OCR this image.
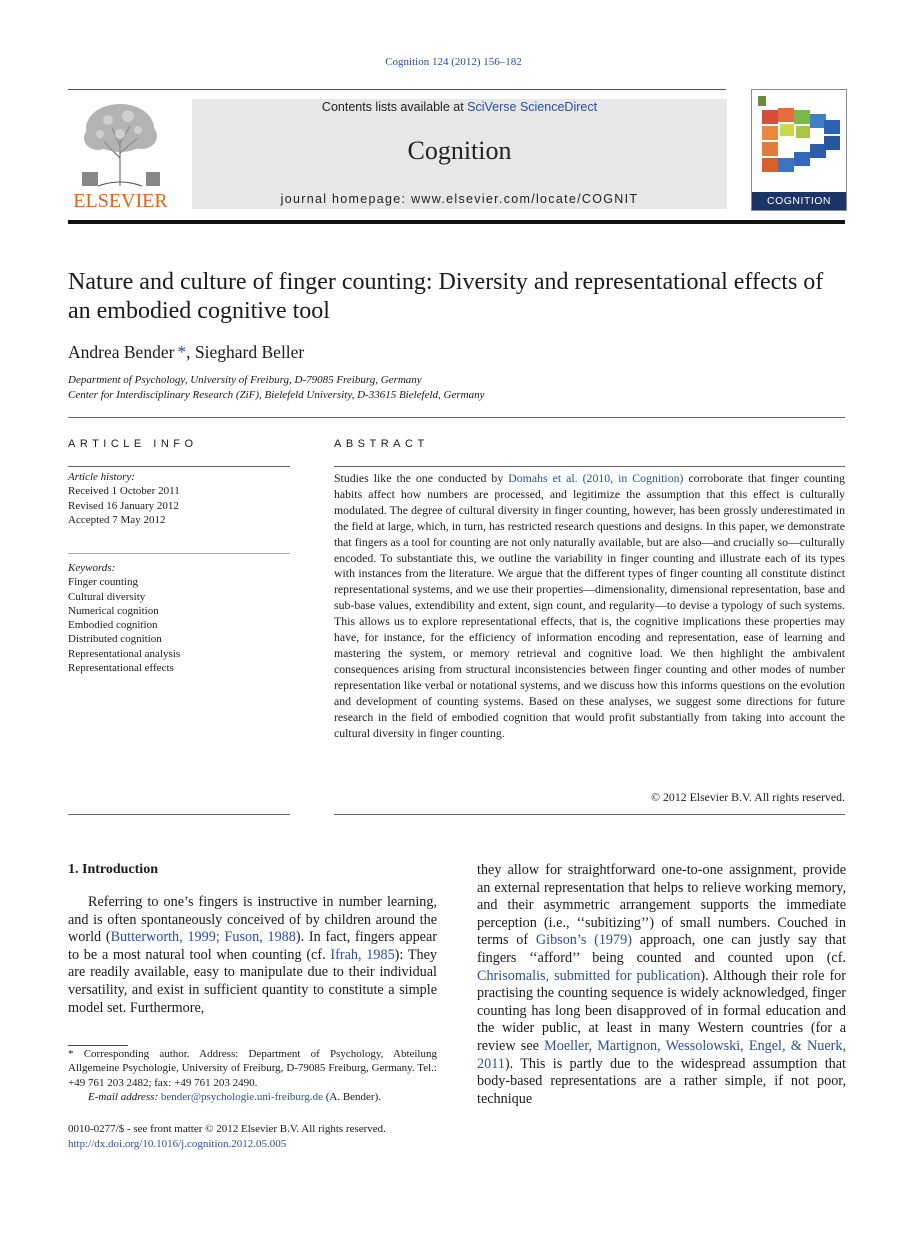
Cognition 124 (2012) 156–182
ELSEVIER
Contents lists available at SciVerse ScienceDirect
Cognition
journal homepage: www.elsevier.com/locate/COGNIT	COGNITION
Nature and culture of finger counting: Diversity and representational effects of an embodied cognitive tool
Andrea Bender *, Sieghard Beller
Department of Psychology, University of Freiburg, D-79085 Freiburg, Germany
Center for Interdisciplinary Research (ZiF), Bielefeld University, D-33615 Bielefeld, Germany
ARTICLE INFO	ABSTRACT
Article history:
Received 1 October 2011
Revised 16 January 2012
Accepted 7 May 2012
Keywords:
Finger counting
Cultural diversity
Numerical cognition
Embodied cognition
Distributed cognition
Representational analysis
Representational effects
Studies like the one conducted by Domahs et al. (2010, in Cognition) corroborate that finger counting habits affect how numbers are processed, and legitimize the assumption that this effect is culturally modulated. The degree of cultural diversity in finger counting, however, has been grossly underestimated in the field at large, which, in turn, has restricted research questions and designs. In this paper, we demonstrate that fingers as a tool for counting are not only naturally available, but are also—and crucially so—culturally encoded. To substantiate this, we outline the variability in finger counting and illustrate each of its types with instances from the literature. We argue that the different types of finger counting all constitute distinct representational systems, and we use their properties—dimensionality, dimensional representation, base and sub-base values, extendibility and extent, sign count, and regularity—to devise a typology of such systems. This allows us to explore representational effects, that is, the cognitive implications these properties may have, for instance, for the efficiency of information encoding and representation, ease of learning and mastering the system, or memory retrieval and cognitive load. We then highlight the ambivalent consequences arising from structural inconsistencies between finger counting and other modes of number representation like verbal or notational systems, and we discuss how this informs questions on the evolution and development of counting systems. Based on these analyses, we suggest some directions for future research in the field of embodied cognition that would profit substantially from taking into account the cultural diversity in finger counting.
© 2012 Elsevier B.V. All rights reserved.
1. Introduction

Referring to one’s fingers is instructive in number learning, and is often spontaneously conceived of by children around the world (Butterworth, 1999; Fuson, 1988). In fact, fingers appear to be a most natural tool when counting (cf. Ifrah, 1985): They are readily available, easy to manipulate due to their individual versatility, and exist in sufficient quantity to constitute a simple model set. Furthermore,

they allow for straightforward one-to-one assignment, provide an external representation that helps to relieve working memory, and their asymmetric arrangement supports the immediate perception (i.e., ‘‘subitizing’’) of small numbers. Couched in terms of Gibson’s (1979) approach, one can justly say that fingers ‘‘afford’’ being counted and counted upon (cf. Chrisomalis, submitted for publication). Although their role for practising the counting sequence is widely acknowledged, finger counting has long been disapproved of in formal education and the wider public, at least in many Western countries (for a review see Moeller, Martignon, Wessolowski, Engel, & Nuerk, 2011). This is partly due to the widespread assumption that body-based representations are a rather simple, if not poor, technique

* Corresponding author. Address: Department of Psychology, Abteilung Allgemeine Psychologie, University of Freiburg, D-79085 Freiburg, Germany. Tel.: +49 761 203 2482; fax: +49 761 203 2490.
E-mail address: bender@psychologie.uni-freiburg.de (A. Bender).
0010-0277/$ - see front matter © 2012 Elsevier B.V. All rights reserved.
http://dx.doi.org/10.1016/j.cognition.2012.05.005
